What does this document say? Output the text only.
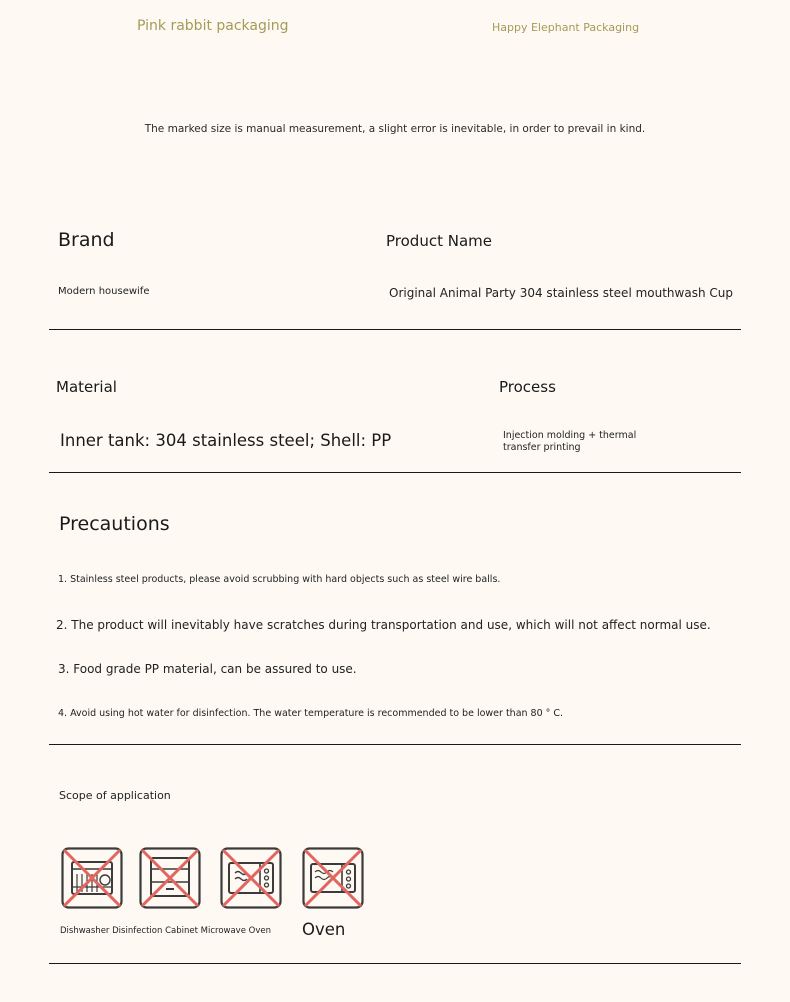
Pink rabbit packaging	Happy Elephant Packaging
The marked size is manual measurement, a slight error is inevitable, in order to prevail in kind.
Brand	Product Name
Modern housewife	Original Animal Party 304 stainless steel mouthwash Cup
Material	Process
Inner tank: 304 stainless steel; Shell: PP	Injection molding + thermal transfer printing
Precautions
1. Stainless steel products, please avoid scrubbing with hard objects such as steel wire balls.
2. The product will inevitably have scratches during transportation and use, which will not affect normal use.
3. Food grade PP material, can be assured to use.
4. Avoid using hot water for disinfection. The water temperature is recommended to be lower than 80 ° C.
Scope of application
Dishwasher Disinfection Cabinet Microwave Oven Oven
